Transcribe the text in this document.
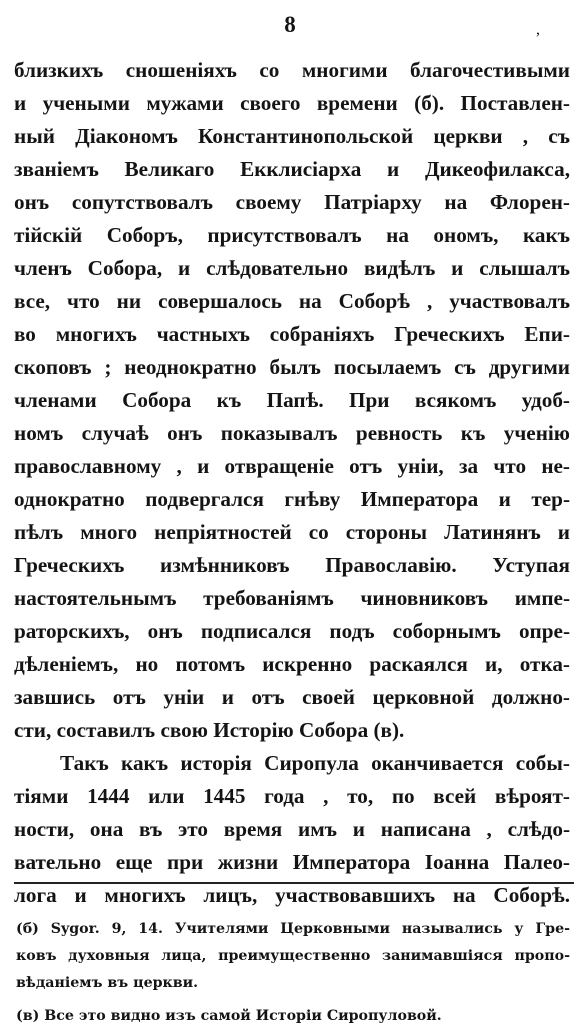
8	,
близкихъ сношеніяхъ со многими благочестивыми
и учеными мужами своего времени (б). Поставлен-
ный Діакономъ Константинопольской церкви , съ
званіемъ Великаго Екклисіарха и Дикеофилакса,
онъ сопутствовалъ своему Патріарху на Флорен-
тійскій Соборъ, присутствовалъ на ономъ, какъ
членъ Собора, и слѣдовательно видѣлъ и слышалъ
все, что ни совершалось на Соборѣ , участвовалъ
во многихъ частныхъ собраніяхъ Греческихъ Епи-
скоповъ ; неоднократно былъ посылаемъ съ другими
членами Собора къ Папѣ. При всякомъ удоб-
номъ случаѣ онъ показывалъ ревность къ ученію
православному , и отвращеніе отъ уніи, за что не-
однократно подвергался гнѣву Императора и тер-
пѣлъ много непріятностей со стороны Латинянъ и
Греческихъ измѣнниковъ Православію. Уступая
настоятельнымъ требованіямъ чиновниковъ импе-
раторскихъ, онъ подписался подъ соборнымъ опре-
дѣленіемъ, но потомъ искренно раскаялся и, отка-
завшись отъ уніи и отъ своей церковной должно-
сти, составилъ свою Исторію Собора (в).
Такъ какъ исторія Сиропула оканчивается собы-
тіями 1444 или 1445 года , то, по всей вѣроят-
ности, она въ это время имъ и написана , слѣдо-
вательно еще при жизни Императора Іоанна Палео-
лога и многихъ лицъ, участвовавшихъ на Соборѣ.
(б) Sygor. 9, 14. Учителями Церковными назывались у Гре-
ковъ духовныя лица, преимущественно занимавшіяся пропо-
вѣданіемъ въ церкви.
(в) Все это видно изъ самой Исторіи Сиропуловой.
